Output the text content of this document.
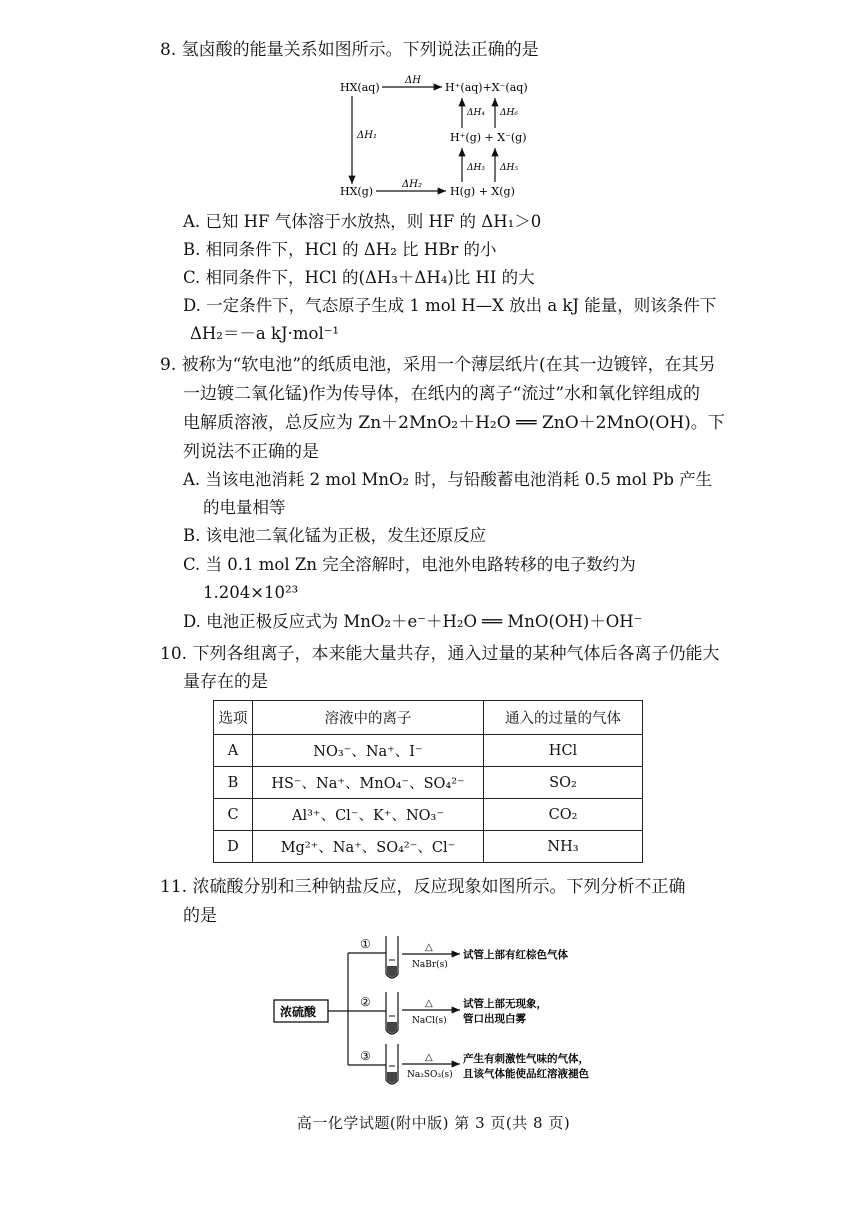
8. 氢卤酸的能量关系如图所示。下列说法正确的是
HX(aq)
ΔH
H⁺(aq)+X⁻(aq)
ΔH₁	H⁺(g) + X⁻(g)
ΔH₄ ΔH₆
ΔH₃ ΔH₅
HX(g)
ΔH₂
H(g) + X(g)
A. 已知 HF 气体溶于水放热，则 HF 的 ΔH₁＞0
B. 相同条件下，HCl 的 ΔH₂ 比 HBr 的小
C. 相同条件下，HCl 的(ΔH₃＋ΔH₄)比 HI 的大
D. 一定条件下，气态原子生成 1 mol H—X 放出 a kJ 能量，则该条件下
ΔH₂＝－a kJ·mol⁻¹
9. 被称为“软电池”的纸质电池，采用一个薄层纸片(在其一边镀锌，在其另
一边镀二氧化锰)作为传导体，在纸内的离子“流过”水和氧化锌组成的
电解质溶液，总反应为 Zn＋2MnO₂＋H₂O ══ ZnO＋2MnO(OH)。下
列说法不正确的是
A. 当该电池消耗 2 mol MnO₂ 时，与铅酸蓄电池消耗 0.5 mol Pb 产生
的电量相等
B. 该电池二氧化锰为正极，发生还原反应
C. 当 0.1 mol Zn 完全溶解时，电池外电路转移的电子数约为
1.204×10²³
D. 电池正极反应式为 MnO₂＋e⁻＋H₂O ══ MnO(OH)＋OH⁻
10. 下列各组离子，本来能大量共存，通入过量的某种气体后各离子仍能大
量存在的是
选项	溶液中的离子	通入的过量的气体
A	NO₃⁻、Na⁺、I⁻	HCl
B	HS⁻、Na⁺、MnO₄⁻、SO₄²⁻	SO₂
C	Al³⁺、Cl⁻、K⁺、NO₃⁻	CO₂
D	Mg²⁺、Na⁺、SO₄²⁻、Cl⁻	NH₃
11. 浓硫酸分别和三种钠盐反应，反应现象如图所示。下列分析不正确
的是
浓硫酸
①	△
NaBr(s)
试管上部有红棕色气体
②	△
NaCl(s)
试管上部无现象，
管口出现白雾
③	△
Na₂SO₃(s)
产生有刺激性气味的气体，
且该气体能使品红溶液褪色
高一化学试题(附中版) 第 3 页(共 8 页)
